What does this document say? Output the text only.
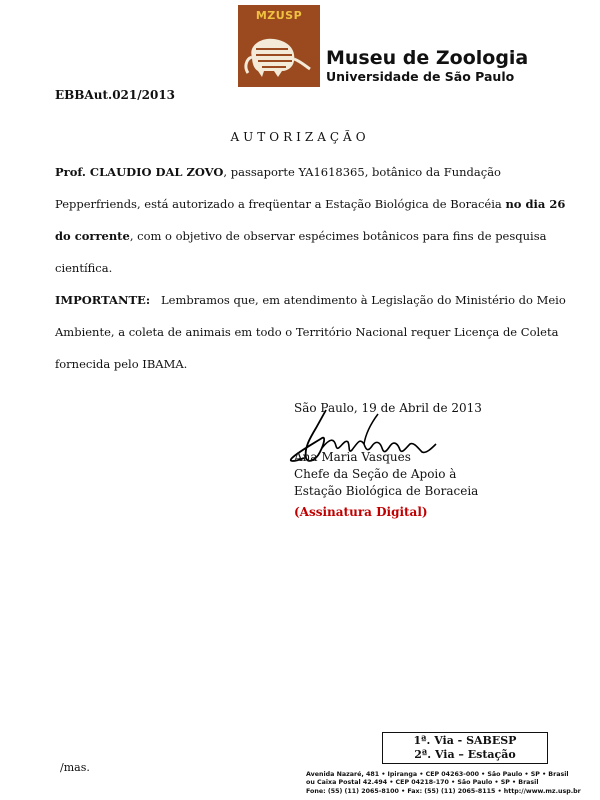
MZUSP
Museu de Zoologia
Universidade de São Paulo
EBBAut.021/2013
AUTORIZAÇÃO
Prof. CLAUDIO DAL ZOVO, passaporte YA1618365, botânico da Fundação Pepperfriends, está autorizado a freqüentar a Estação Biológica de Boracéia no dia 26 do corrente, com o objetivo de observar espécimes botânicos para fins de pesquisa científica.
IMPORTANTE: Lembramos que, em atendimento à Legislação do Ministério do Meio Ambiente, a coleta de animais em todo o Território Nacional requer Licença de Coleta fornecida pelo IBAMA.
São Paulo, 19 de Abril de 2013
Ana Maria Vasques
Chefe da Seção de Apoio à
Estação Biológica de Boraceia
(Assinatura Digital)
1ª. Via - SABESP
2ª. Via – Estação
/mas.
Avenida Nazaré, 481 • Ipiranga • CEP 04263-000 • São Paulo • SP • Brasil
ou Caixa Postal 42.494 • CEP 04218-170 • São Paulo • SP • Brasil
Fone: (55) (11) 2065-8100 • Fax: (55) (11) 2065-8115 • http://www.mz.usp.br
